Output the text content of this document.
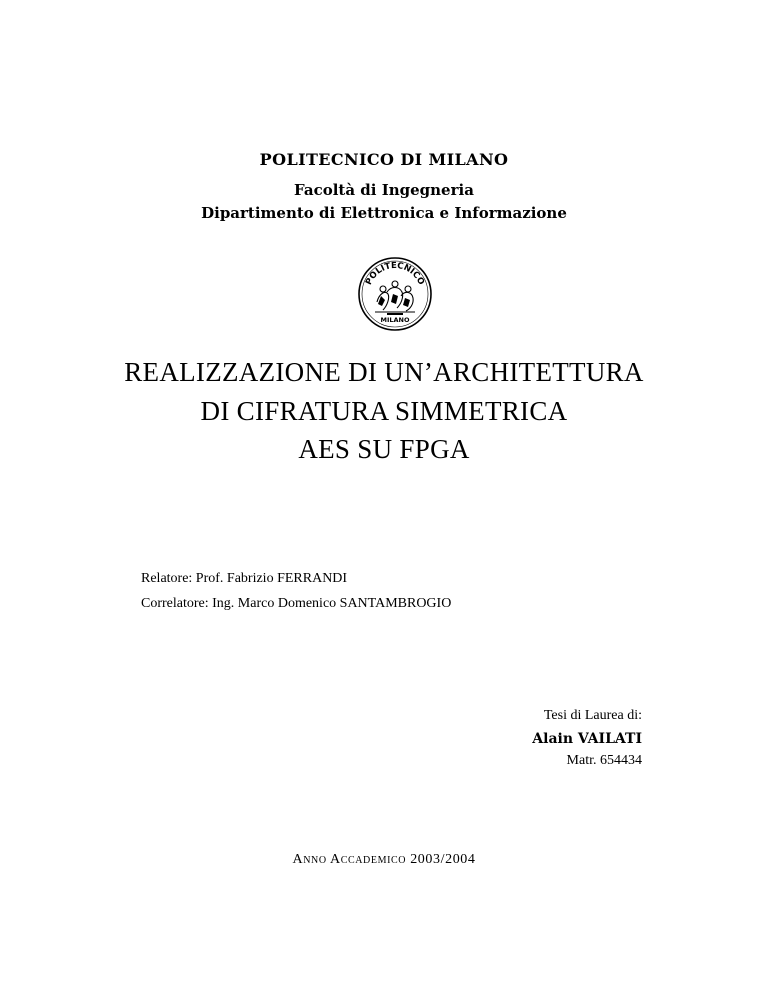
POLITECNICO DI MILANO
Facoltà di Ingegneria
Dipartimento di Elettronica e Informazione
POLITECNICO
MILANO
REALIZZAZIONE DI UN’ARCHITETTURA
DI CIFRATURA SIMMETRICA
AES SU FPGA
Relatore: Prof. Fabrizio FERRANDI
Correlatore: Ing. Marco Domenico SANTAMBROGIO
Tesi di Laurea di:
Alain VAILATI
Matr. 654434
Anno Accademico 2003/2004
